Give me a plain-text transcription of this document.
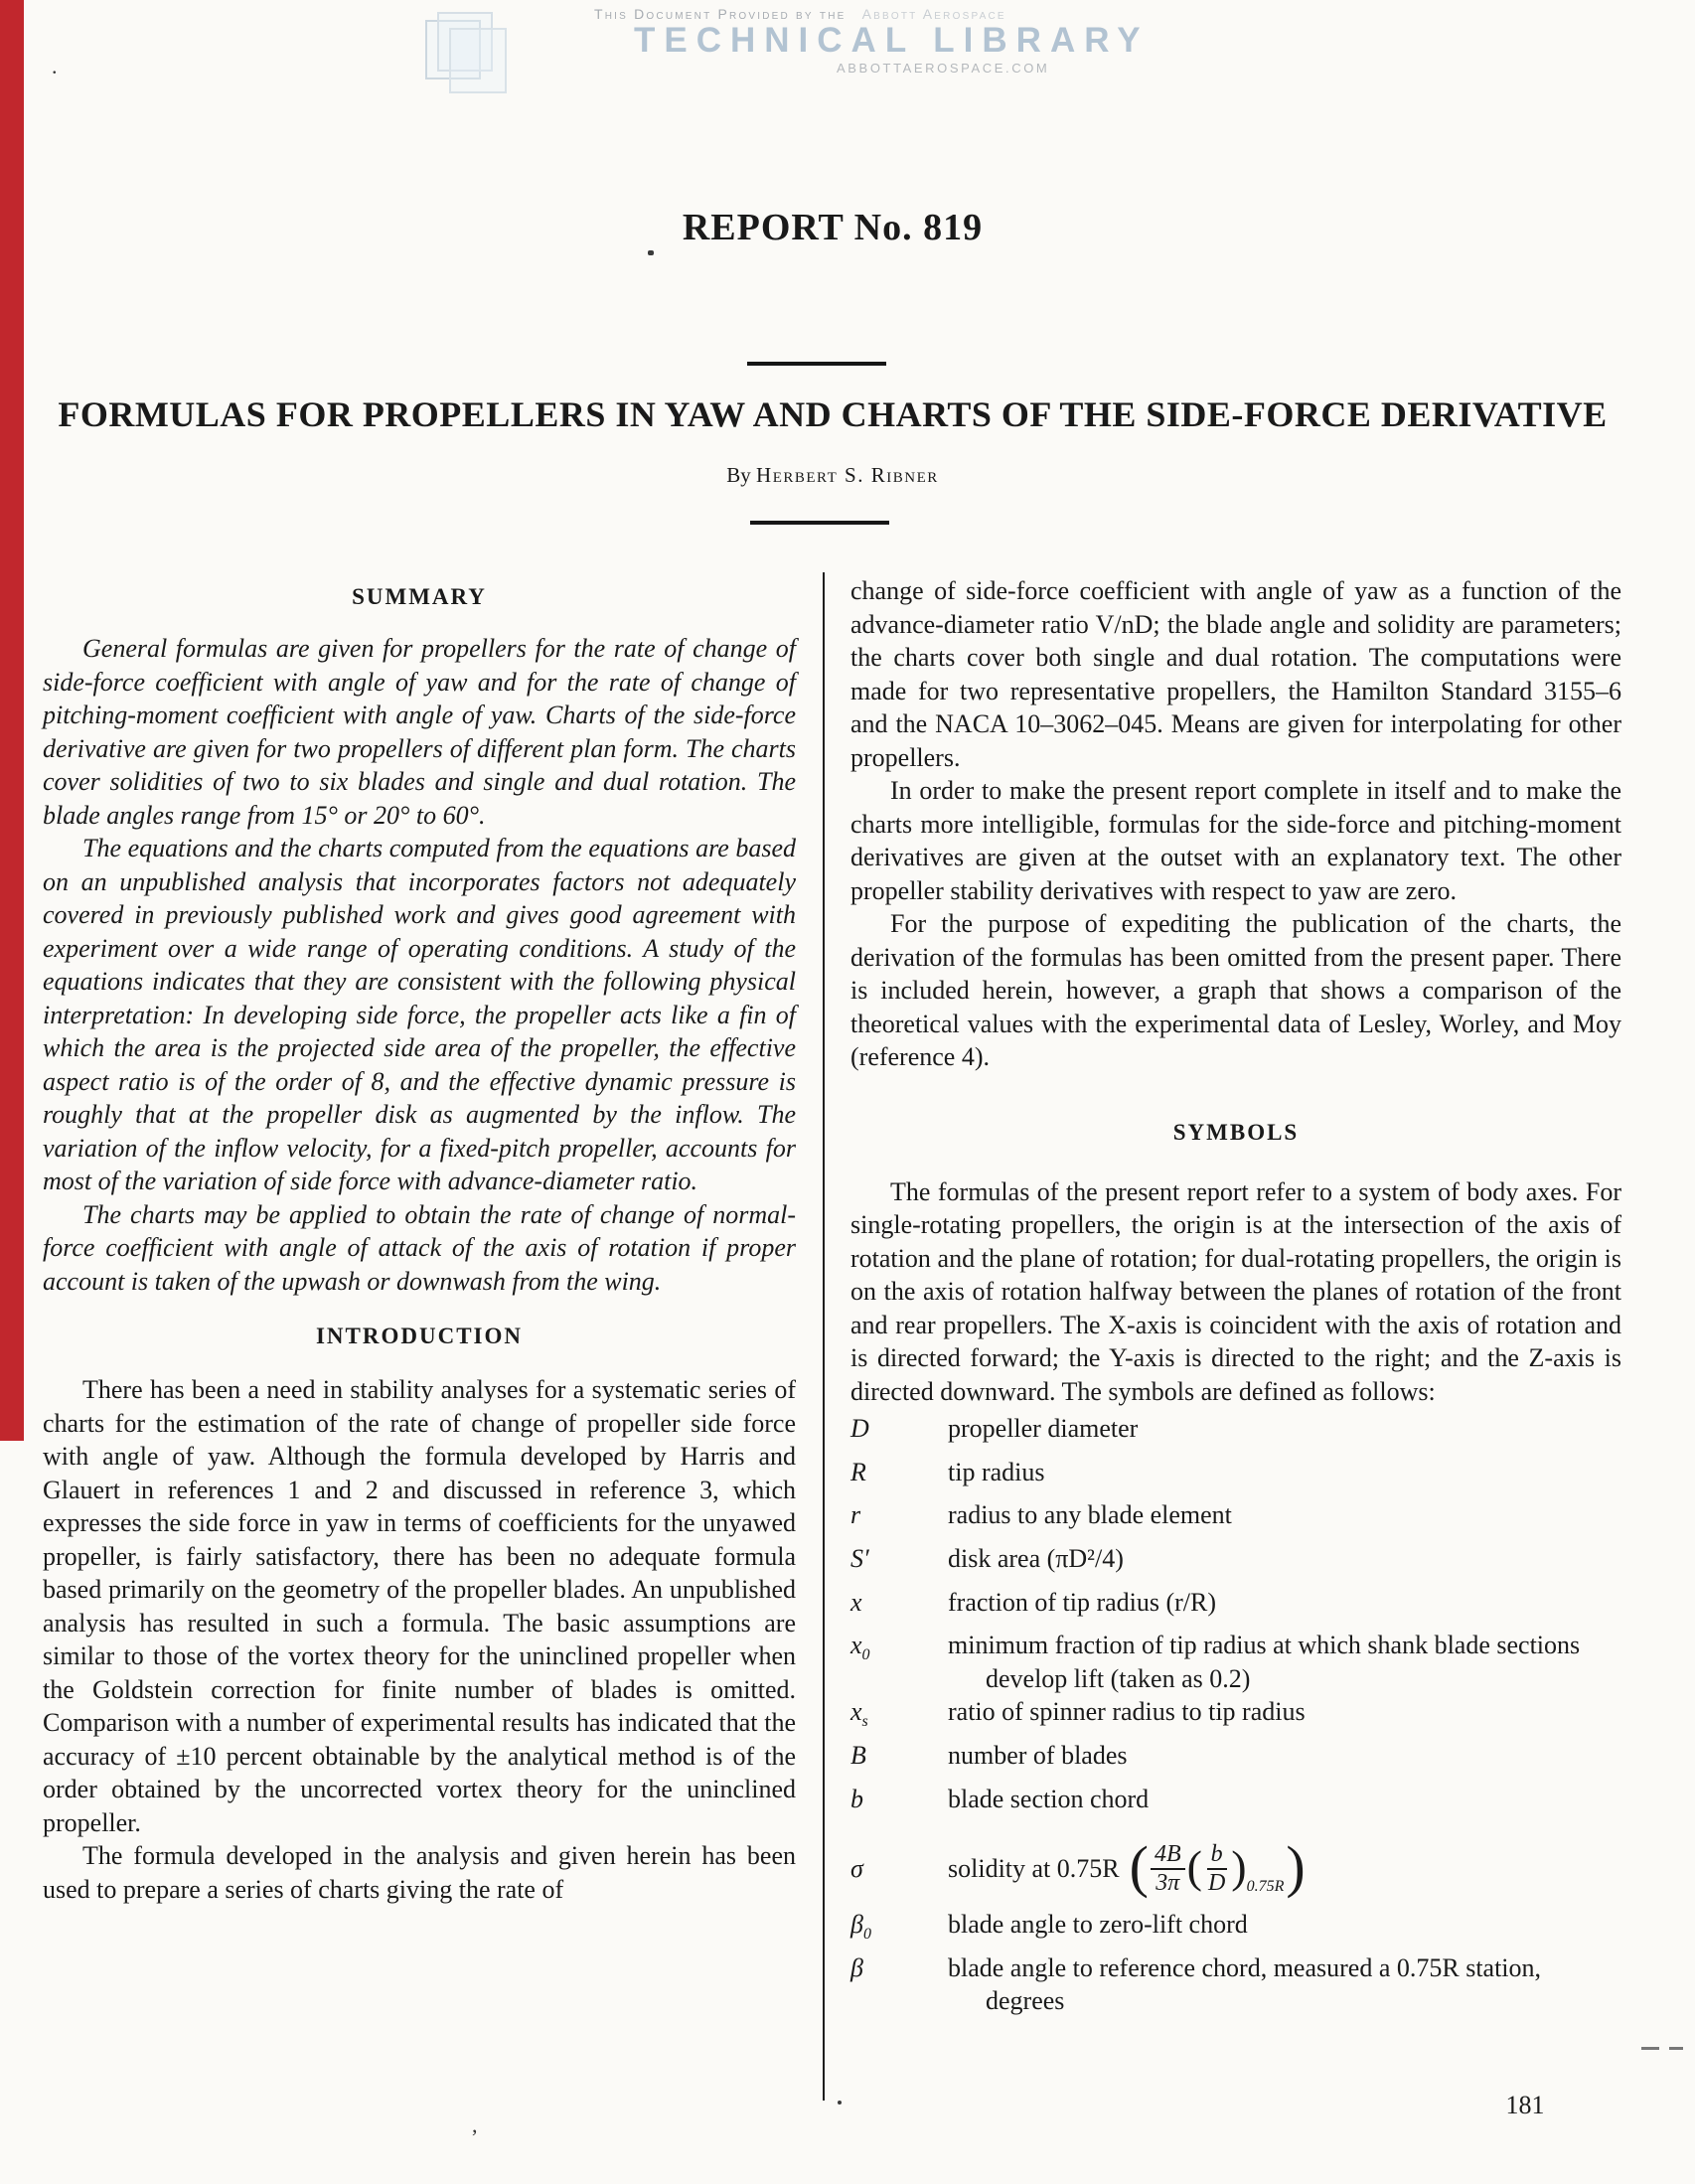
This Document Provided by the Abbott Aerospace
TECHNICAL LIBRARY
ABBOTTAEROSPACE.COM
.
REPORT No. 819
FORMULAS FOR PROPELLERS IN YAW AND CHARTS OF THE SIDE-FORCE DERIVATIVE
By Herbert S. Ribner
SUMMARY

General formulas are given for propellers for the rate of change of side-force coefficient with angle of yaw and for the rate of change of pitching-moment coefficient with angle of yaw. Charts of the side-force derivative are given for two propellers of different plan form. The charts cover solidities of two to six blades and single and dual rotation. The blade angles range from 15° or 20° to 60°.

The equations and the charts computed from the equations are based on an unpublished analysis that incorporates factors not adequately covered in previously published work and gives good agreement with experiment over a wide range of operating conditions. A study of the equations indicates that they are consistent with the following physical interpretation: In developing side force, the propeller acts like a fin of which the area is the projected side area of the propeller, the effective aspect ratio is of the order of 8, and the effective dynamic pressure is roughly that at the propeller disk as augmented by the inflow. The variation of the inflow velocity, for a fixed-pitch propeller, accounts for most of the variation of side force with advance-diameter ratio.

The charts may be applied to obtain the rate of change of normal-force coefficient with angle of attack of the axis of rotation if proper account is taken of the upwash or downwash from the wing.

INTRODUCTION

There has been a need in stability analyses for a systematic series of charts for the estimation of the rate of change of propeller side force with angle of yaw. Although the formula developed by Harris and Glauert in references 1 and 2 and discussed in reference 3, which expresses the side force in yaw in terms of coefficients for the unyawed propeller, is fairly satisfactory, there has been no adequate formula based primarily on the geometry of the propeller blades. An unpublished analysis has resulted in such a formula. The basic assumptions are similar to those of the vortex theory for the uninclined propeller when the Goldstein correction for finite number of blades is omitted. Comparison with a number of experimental results has indicated that the accuracy of ±10 percent obtainable by the analytical method is of the order obtained by the uncorrected vortex theory for the uninclined propeller.

The formula developed in the analysis and given herein has been used to prepare a series of charts giving the rate of

change of side-force coefficient with angle of yaw as a function of the advance-diameter ratio V/nD; the blade angle and solidity are parameters; the charts cover both single and dual rotation. The computations were made for two representative propellers, the Hamilton Standard 3155–6 and the NACA 10–3062–045. Means are given for interpolating for other propellers.

In order to make the present report complete in itself and to make the charts more intelligible, formulas for the side-force and pitching-moment derivatives are given at the outset with an explanatory text. The other propeller stability derivatives with respect to yaw are zero.

For the purpose of expediting the publication of the charts, the derivation of the formulas has been omitted from the present paper. There is included herein, however, a graph that shows a comparison of the theoretical values with the experimental data of Lesley, Worley, and Moy (reference 4).

SYMBOLS

The formulas of the present report refer to a system of body axes. For single-rotating propellers, the origin is at the intersection of the axis of rotation and the plane of rotation; for dual-rotating propellers, the origin is on the axis of rotation halfway between the planes of rotation of the front and rear propellers. The X-axis is coincident with the axis of rotation and is directed forward; the Y-axis is directed to the right; and the Z-axis is directed downward. The symbols are defined as follows:

D	propeller diameter
R	tip radius
r	radius to any blade element
S′	disk area (πD²/4)
x	fraction of tip radius (r/R)
$x_0$	minimum fraction of tip radius at which shank blade sections develop lift (taken as 0.2)
$x_s$	ratio of spinner radius to tip radius
B	number of blades
b	blade section chord
σ	solidity at 0.75R ( $\frac{4B}{3\pi}$ ( $\frac{b}{D}$ ) 0.75R )
$\beta_0$	blade angle to zero-lift chord
β	blade angle to reference chord, measured a 0.75R station, degrees
181
,
